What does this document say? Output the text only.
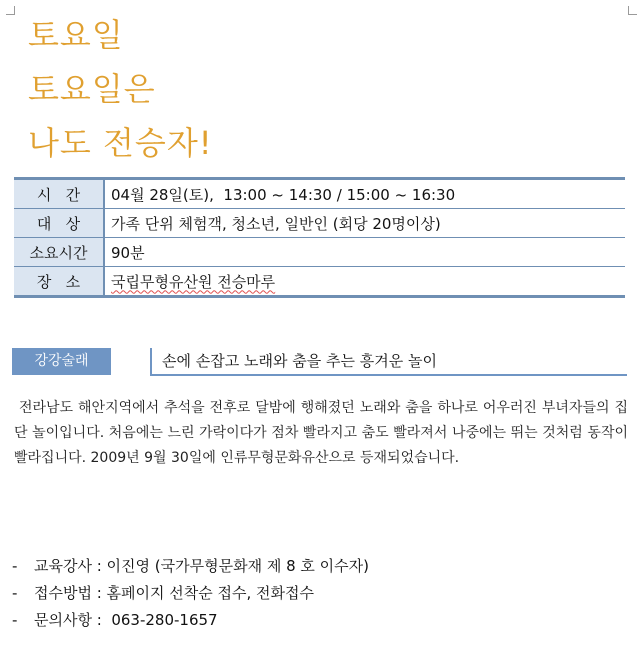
토요일
토요일은
나도 전승자!
시   간	04월 28일(토),  13:00 ~ 14:30 / 15:00 ~ 16:30
대   상	가족 단위 체험객, 청소년, 일반인 (회당 20명이상)
소요시간	90분
장   소	국립무형유산원 전승마루
강강술래	손에 손잡고 노래와 춤을 추는 흥겨운 놀이
전라남도 해안지역에서 추석을 전후로 달밤에 행해졌던 노래와 춤을 하나로 어우러진 부녀자들의 집단 놀이입니다. 처음에는 느린 가락이다가 점차 빨라지고 춤도 빨라져서 나중에는 뛰는 것처럼 동작이 빨라집니다. 2009년 9월 30일에 인류무형문화유산으로 등재되었습니다.
- 교육강사 : 이진영 (국가무형문화재 제 8 호 이수자)
- 접수방법 : 홈페이지 선착순 접수, 전화접수
- 문의사항 :  063-280-1657
